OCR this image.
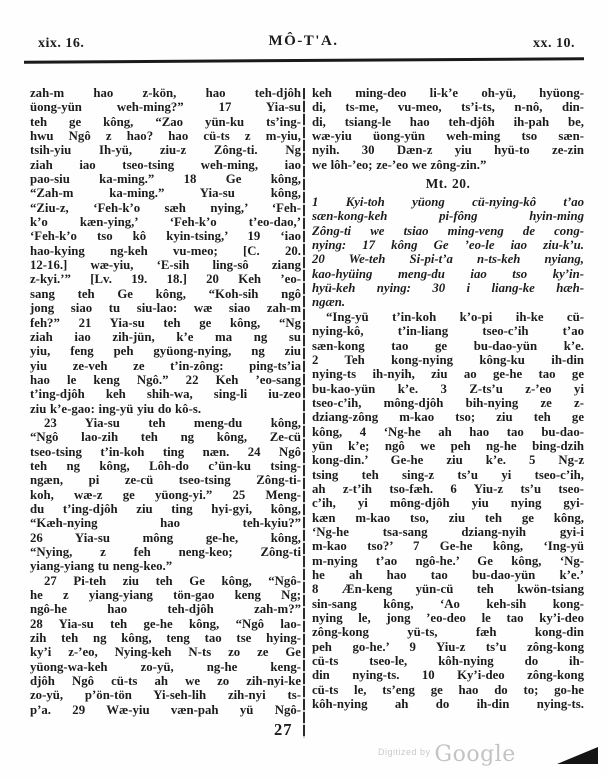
xix. 16.	MÔ-T'A.	xx. 10.
zah-m hao z-kön, hao teh-djôh
üong-yün weh-ming?” 17 Yia-su
teh ge kông, “Zao yün-ku ts’ing-
hwu Ngô z hao? hao cü-ts z m-yiu,
tsih-yiu Ih-yü, ziu-z Zông-ti. Ng
ziah iao tseo-tsing weh-ming, iao
pao-siu ka-ming.” 18 Ge kông,
“Zah-m ka-ming.” Yia-su kông,
“Ziu-z, ‘Feh-k’o sæh nying,’ ‘Feh-
k’o kæn-ying,’ ‘Feh-k’o t’eo-dao,’
‘Feh-k’o tso kô kyin-tsing,’ 19 ‘iao
hao-kying ng-keh vu-meo; [C. 20.
12-16.] wæ-yiu, ‘E-sih ling-sô ziang
z-kyi.’” [Lv. 19. 18.] 20 Keh ’eo-
sang teh Ge kông, “Koh-sih ngô
jong siao tu siu-lao: wæ siao zah-m
feh?” 21 Yia-su teh ge kông, “Ng
ziah iao zih-jün, k’e ma ng su
yiu, feng peh gyüong-nying, ng ziu
yiu ze-veh ze t’in-zông: ping-ts’ia
hao le keng Ngô.” 22 Keh ’eo-sang
t’ing-djôh keh shih-wa, sing-li iu-zeo
ziu k’e-gao: ing-yü yiu do kô-s.
23 Yia-su teh meng-du kông,
“Ngô lao-zih teh ng kông, Ze-cü
tseo-tsing t’in-koh ting næn. 24 Ngô
teh ng kông, Lôh-do c’ün-ku tsing-
ngæn, pi ze-cü tseo-tsing Zông-ti-
koh, wæ-z ge yüong-yi.” 25 Meng-
du t’ing-djôh ziu ting hyi-gyi, kông,
“Kæh-nying hao teh-kyiu?”
26 Yia-su mông ge-he, kông,
“Nying, z feh neng-keo; Zông-ti
yiang-yiang tu neng-keo.”
27 Pi-teh ziu teh Ge kông, “Ngô-
he z yiang-yiang tön-gao keng Ng;
ngô-he hao teh-djôh zah-m?”
28 Yia-su teh ge-he kông, “Ngô lao-
zih teh ng kông, teng tao tse hying-
ky’i z-’eo, Nying-keh N-ts zo ze Ge
yüong-wa-keh zo-yü, ng-he keng-
djôh Ngô cü-ts ah we zo zih-nyi-ke
zo-yü, p’ön-tön Yi-seh-lih zih-nyi ts-
p’a. 29 Wæ-yiu væn-pah yü Ngô-
keh ming-deo li-k’e oh-yü, hyüong-
di, ts-me, vu-meo, ts’i-ts, n-nô, din-
di, tsiang-le hao teh-djôh ih-pah be,
wæ-yiu üong-yün weh-ming tso sæn-
nyih. 30 Dæn-z yiu hyü-to ze-zin
we lôh-’eo; ze-’eo we zông-zin.”
Mt. 20.
1 Kyi-toh yüong cü-nying-kô t’ao
sæn-kong-keh pi-fông hyin-ming
Zông-ti we tsiao ming-veng de cong-
nying: 17 kông Ge ’eo-le iao ziu-k’u.
20 We-teh Si-pi-t’a n-ts-keh nyiang,
kao-hyüing meng-du iao tso ky’in-
hyü-keh nying: 30 i liang-ke hæh-
ngæn.
“Ing-yü t’in-koh k’o-pi ih-ke cü-
nying-kô, t’in-liang tseo-c’ih t’ao
sæn-kong tao ge bu-dao-yün k’e.
2 Teh kong-nying kông-ku ih-din
nying-ts ih-nyih, ziu ao ge-he tao ge
bu-kao-yün k’e. 3 Z-ts’u z-’eo yi
tseo-c’ih, mông-djôh bih-nying ze z-
dziang-zông m-kao tso; ziu teh ge
kông, 4 ‘Ng-he ah hao tao bu-dao-
yün k’e; ngô we peh ng-he bing-dzih
kong-din.’ Ge-he ziu k’e. 5 Ng-z
tsing teh sing-z ts’u yi tseo-c’ih,
ah z-t’ih tso-fæh. 6 Yiu-z ts’u tseo-
c’ih, yi mông-djôh yiu nying gyi-
kæn m-kao tso, ziu teh ge kông,
‘Ng-he tsa-sang dziang-nyih gyi-i
m-kao tso?’ 7 Ge-he kông, ‘Ing-yü
m-nying t’ao ngô-he.’ Ge kông, ‘Ng-
he ah hao tao bu-dao-yün k’e.’
8 Æn-keng yün-cü teh kwön-tsiang
sin-sang kông, ‘Ao keh-sih kong-
nying le, jong ’eo-deo le tao ky’i-deo
zông-kong yü-ts, fæh kong-din
peh go-he.’ 9 Yiu-z ts’u zông-kong
cü-ts tseo-le, kôh-nying do ih-
din nying-ts. 10 Ky’i-deo zông-kong
cü-ts le, ts’eng ge hao do to; go-he
kôh-nying ah do ih-din nying-ts.
27
$^{Digitized by}$ Google
